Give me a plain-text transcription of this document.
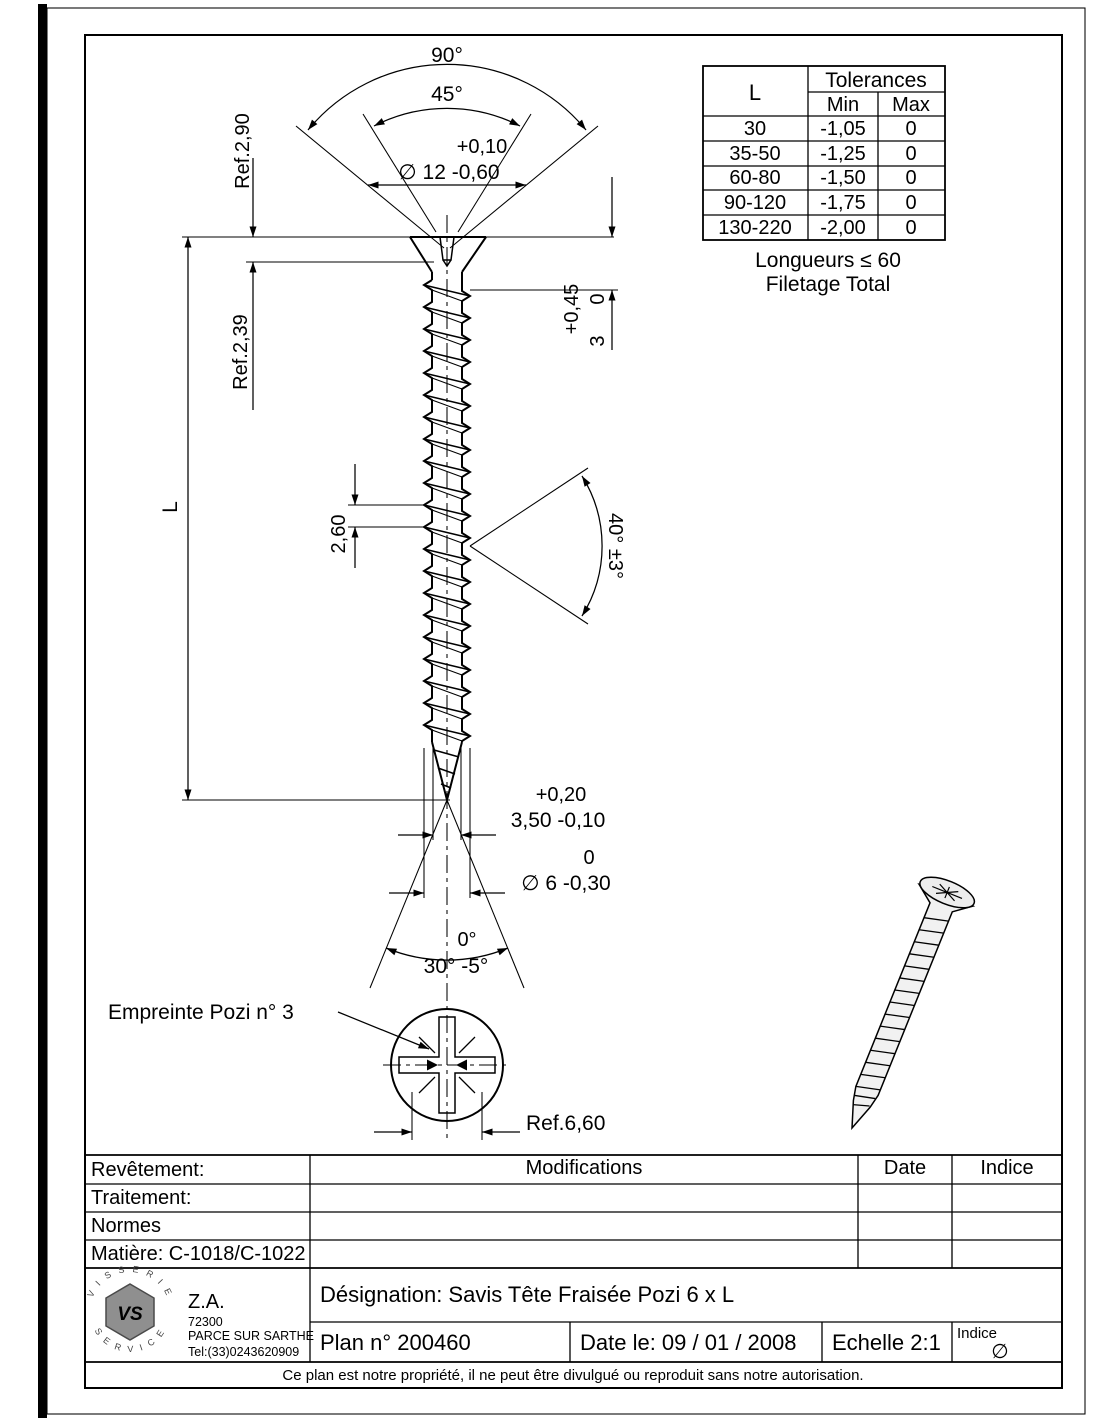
90°
45°
+0,10
∅ 12 -0,60
Ref.2,90
Ref.2,39
L
+0,45 0
3
2,60	40° ±3°
+0,20
3,50 -0,10
0
∅ 6 -0,30
0°
30° -5°
Empreinte Pozi n° 3
Ref.6,60
L	Tolerances
Min Max
30	-1,05 0
35-50 -1,25 0
60-80 -1,50 0
90-120 -1,75 0
130-220 -2,00 0
Longueurs ≤ 60
Filetage Total
Revêtement:
Traitement:
Normes
Matière: C-1018/C-1022
Modifications	Date	Indice
Désignation: Savis Tête Fraisée Pozi 6 x L
Plan n° 200460	Date le: 09 / 01 / 2008 Echelle 2:1 Indice
∅
Ce plan est notre propriété, il ne peut être divulgué ou reproduit sans notre autorisation.
VS
V I S S E R I E
S E R V I C E
Z.A.
72300
PARCE SUR SARTHE
Tel:(33)0243620909
